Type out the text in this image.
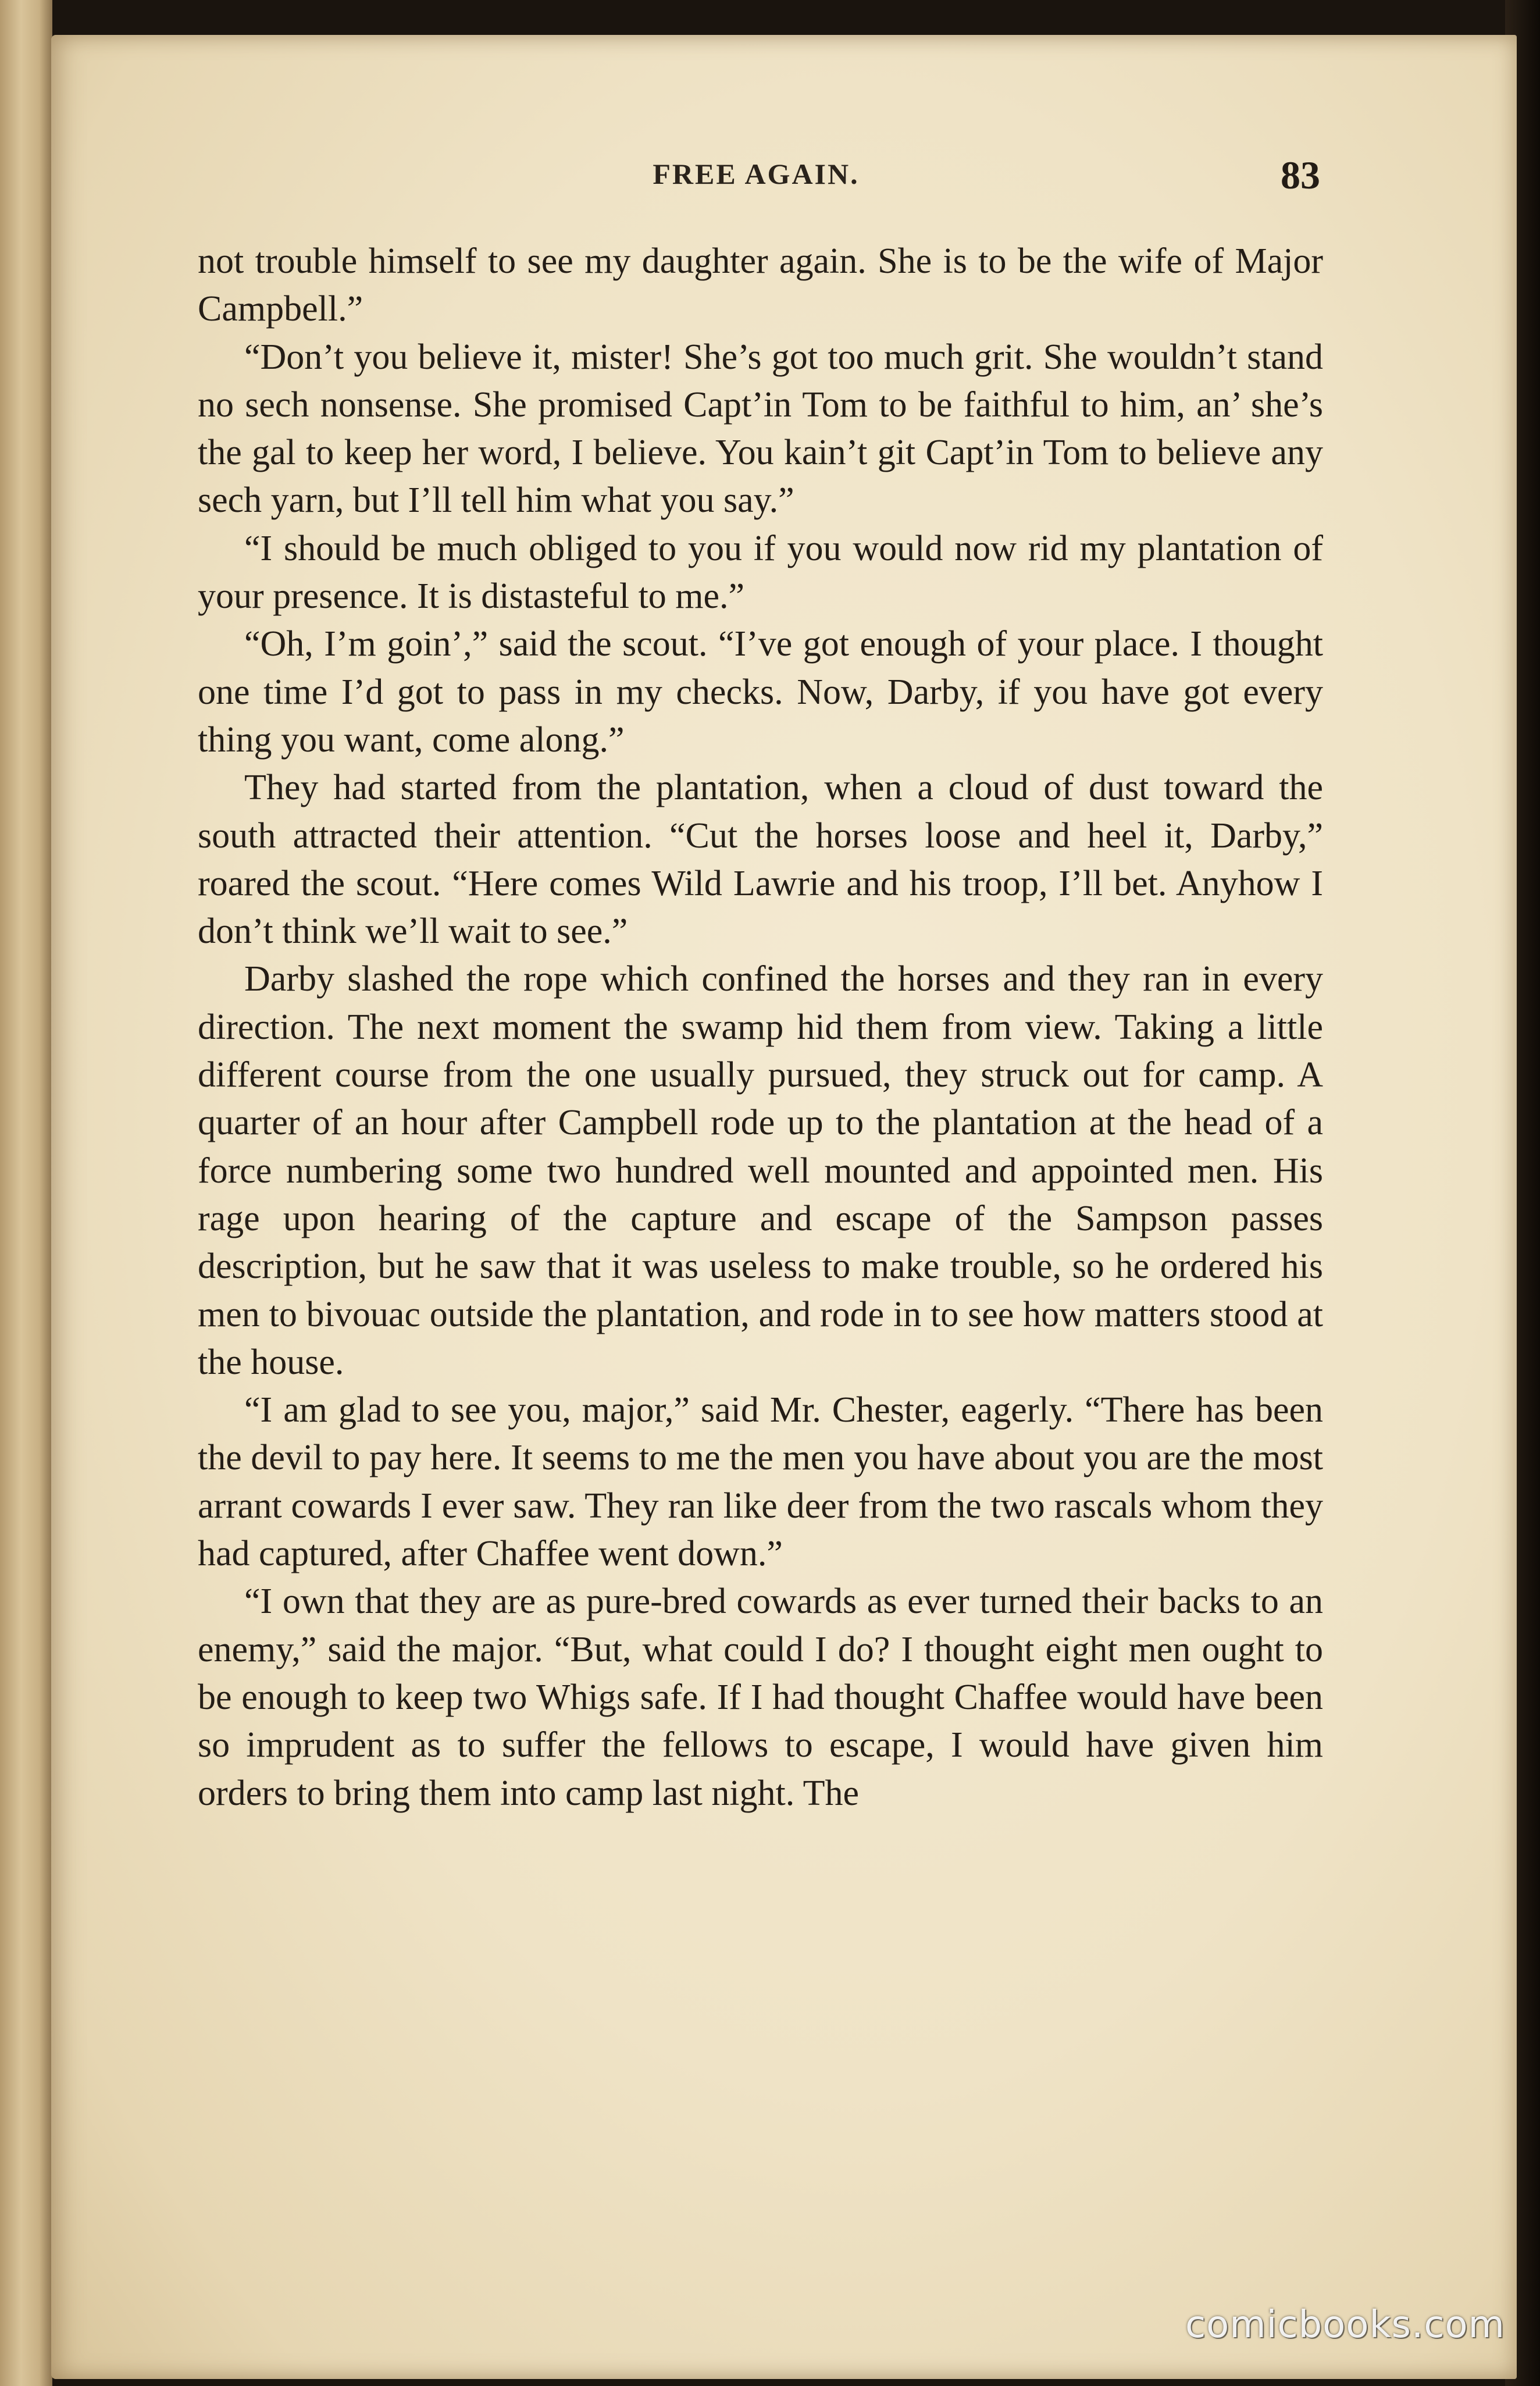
FREE AGAIN.	83

not trouble himself to see my daughter again. She is to be the wife of Major Campbell.”

“Don’t you believe it, mister! She’s got too much grit. She wouldn’t stand no sech nonsense. She promised Capt’in Tom to be faithful to him, an’ she’s the gal to keep her word, I believe. You kain’t git Capt’in Tom to believe any sech yarn, but I’ll tell him what you say.”

“I should be much obliged to you if you would now rid my plantation of your presence. It is distasteful to me.”

“Oh, I’m goin’,” said the scout. “I’ve got enough of your place. I thought one time I’d got to pass in my checks. Now, Darby, if you have got every thing you want, come along.”

They had started from the plantation, when a cloud of dust toward the south attracted their attention. “Cut the horses loose and heel it, Darby,” roared the scout. “Here comes Wild Lawrie and his troop, I’ll bet. Anyhow I don’t think we’ll wait to see.”

Darby slashed the rope which confined the horses and they ran in every direction. The next moment the swamp hid them from view. Taking a little different course from the one usually pursued, they struck out for camp. A quarter of an hour after Campbell rode up to the plantation at the head of a force numbering some two hundred well mounted and appointed men. His rage upon hearing of the capture and escape of the Sampson passes description, but he saw that it was useless to make trouble, so he ordered his men to bivouac outside the plantation, and rode in to see how matters stood at the house.

“I am glad to see you, major,” said Mr. Chester, eagerly. “There has been the devil to pay here. It seems to me the men you have about you are the most arrant cowards I ever saw. They ran like deer from the two rascals whom they had captured, after Chaffee went down.”

“I own that they are as pure-bred cowards as ever turned their backs to an enemy,” said the major. “But, what could I do? I thought eight men ought to be enough to keep two Whigs safe. If I had thought Chaffee would have been so imprudent as to suffer the fellows to escape, I would have given him orders to bring them into camp last night. The

comicbooks.com
